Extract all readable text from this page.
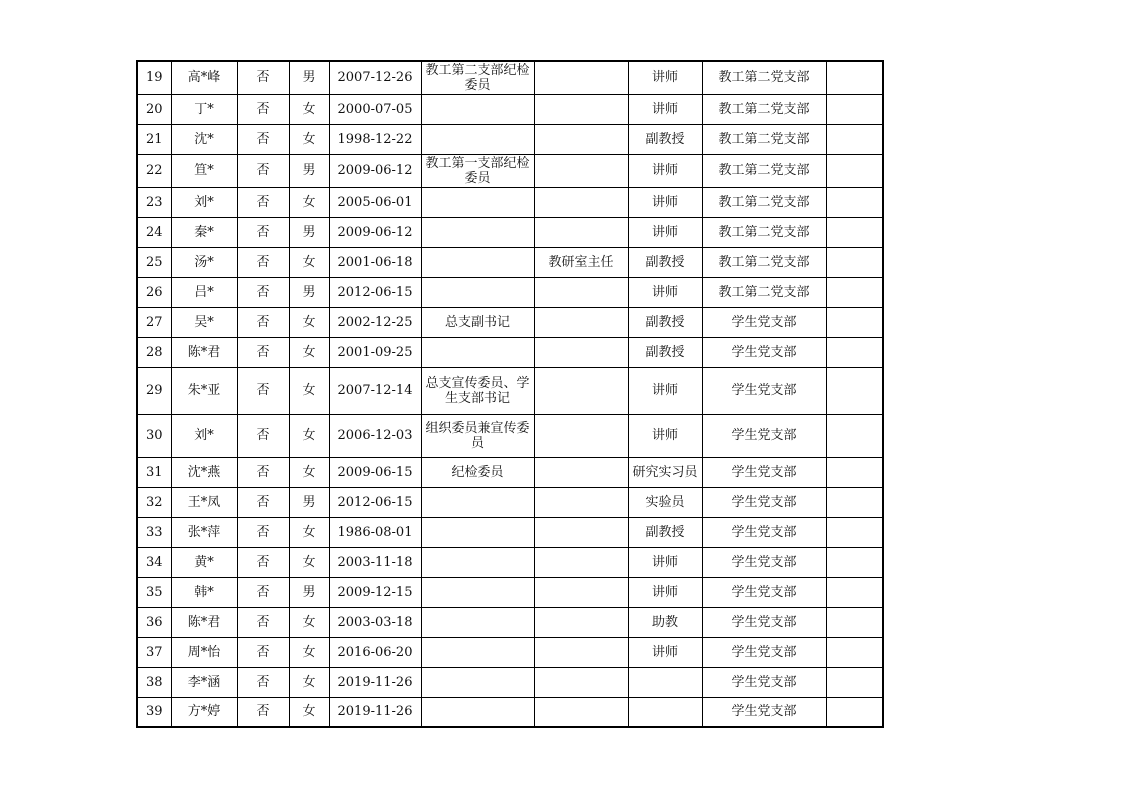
19	高*峰	否	男	2007-12-26	教工第二支部纪检委员		讲师	教工第二党支部	
20	丁*	否	女	2000-07-05			讲师	教工第二党支部	
21	沈*	否	女	1998-12-22			副教授	教工第二党支部	
22	笪*	否	男	2009-06-12	教工第一支部纪检委员		讲师	教工第二党支部	
23	刘*	否	女	2005-06-01			讲师	教工第二党支部	
24	秦*	否	男	2009-06-12			讲师	教工第二党支部	
25	汤*	否	女	2001-06-18		教研室主任	副教授	教工第二党支部	
26	吕*	否	男	2012-06-15			讲师	教工第二党支部	
27	吴*	否	女	2002-12-25	总支副书记		副教授	学生党支部	
28	陈*君	否	女	2001-09-25			副教授	学生党支部	
29	朱*亚	否	女	2007-12-14	总支宣传委员、学生支部书记		讲师	学生党支部	
30	刘*	否	女	2006-12-03	组织委员兼宣传委员		讲师	学生党支部	
31	沈*燕	否	女	2009-06-15	纪检委员		研究实习员	学生党支部	
32	王*凤	否	男	2012-06-15			实验员	学生党支部	
33	张*萍	否	女	1986-08-01			副教授	学生党支部	
34	黄*	否	女	2003-11-18			讲师	学生党支部	
35	韩*	否	男	2009-12-15			讲师	学生党支部	
36	陈*君	否	女	2003-03-18			助教	学生党支部	
37	周*怡	否	女	2016-06-20			讲师	学生党支部	
38	李*涵	否	女	2019-11-26				学生党支部	
39	方*婷	否	女	2019-11-26				学生党支部	
